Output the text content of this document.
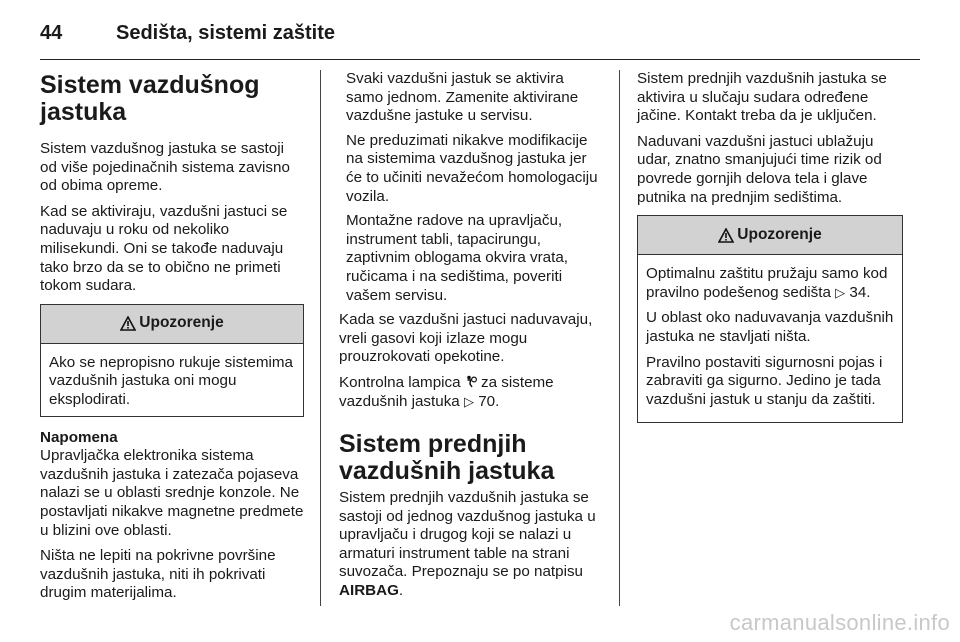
44	Sedišta, sistemi zaštite
Sistem vazdušnog jastuka

Sistem vazdušnog jastuka se sastoji od više pojedinačnih sistema zavisno od obima opreme.

Kad se aktiviraju, vazdušni jastuci se naduvaju u roku od nekoliko milisekundi. Oni se takođe naduvaju tako brzo da se to obično ne primeti tokom sudara.

Upozorenje
Ako se nepropisno rukuje sistemima vazdušnih jastuka oni mogu eksplodirati.
Napomena

Upravljačka elektronika sistema vazdušnih jastuka i zatezača pojaseva nalazi se u oblasti srednje konzole. Ne postavljati nikakve magnetne predmete u blizini ove oblasti.

Ništa ne lepiti na pokrivne površine vazdušnih jastuka, niti ih pokrivati drugim materijalima.

Svaki vazdušni jastuk se aktivira samo jednom. Zamenite aktivirane vazdušne jastuke u servisu.

Ne preduzimati nikakve modifikacije na sistemima vazdušnog jastuka jer će to učiniti nevažećom homologaciju vozila.

Montažne radove na upravljaču, instrument tabli, tapacirungu, zaptivnim oblogama okvira vrata, ručicama i na sedištima, poveriti vašem servisu.

Kada se vazdušni jastuci naduvavaju, vreli gasovi koji izlaze mogu prouzrokovati opekotine.

Kontrolna lampica za sisteme vazdušnih jastuka ▷ 70.

Sistem prednjih vazdušnih jastuka

Sistem prednjih vazdušnih jastuka se sastoji od jednog vazdušnog jastuka u upravljaču i drugog koji se nalazi u armaturi instrument table na strani suvozača. Prepoznaju se po natpisu AIRBAG.

Sistem prednjih vazdušnih jastuka se aktivira u slučaju sudara određene jačine. Kontakt treba da je uključen.

Naduvani vazdušni jastuci ublažuju udar, znatno smanjujući time rizik od povrede gornjih delova tela i glave putnika na prednjim sedištima.

Upozorenje

Optimalnu zaštitu pružaju samo kod pravilno podešenog sedišta ▷ 34.

U oblast oko naduvavanja vazdušnih jastuka ne stavljati ništa.

Pravilno postaviti sigurnosni pojas i zabraviti ga sigurno. Jedino je tada vazdušni jastuk u stanju da zaštiti.

carmanualsonline.info
